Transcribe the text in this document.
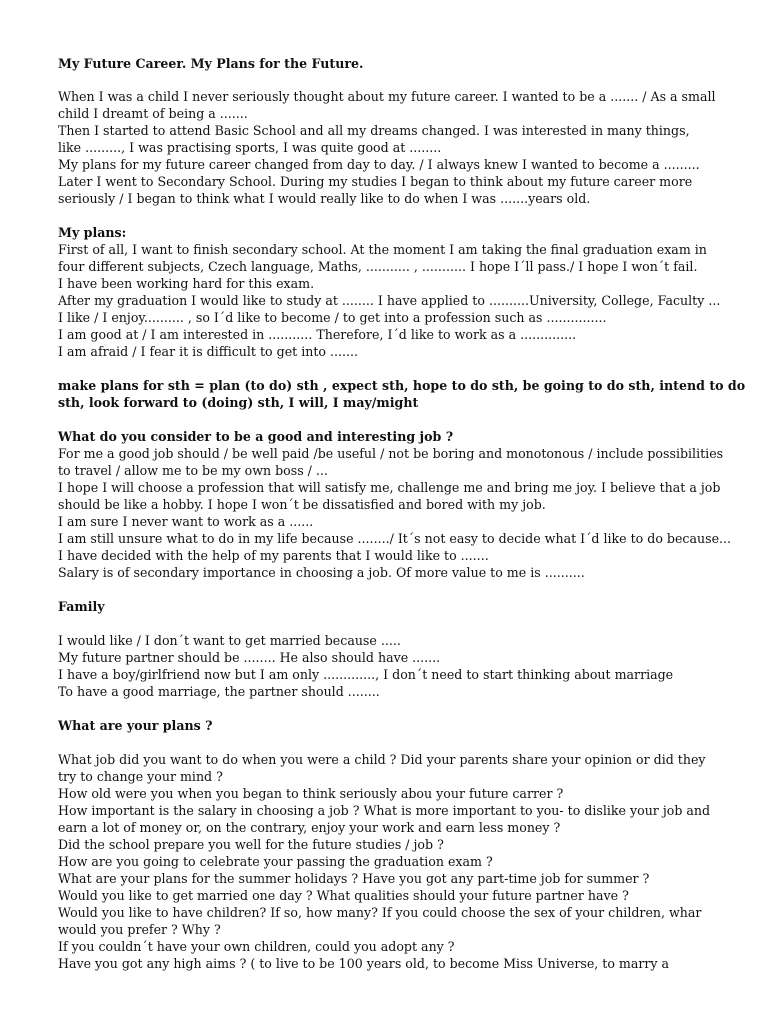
My Future Career. My Plans for the Future.
When I was a child I never seriously thought about my future career. I wanted to be a ....... / As a small
child I dreamt of being a .......
Then I started to attend Basic School and all my dreams changed. I was interested in many things,
like ........., I was practising sports, I was quite good at ........
My plans for my future career changed from day to day. / I always knew I wanted to become a .........
Later I went to Secondary School. During my studies I began to think about my future career more
seriously / I began to think what I would really like to do when I was .......years old.
My plans:
First of all, I want to finish secondary school. At the moment I am taking the final graduation exam in
four different subjects, Czech language, Maths, ........... , ........... I hope I´ll pass./ I hope I won´t fail.
I have been working hard for this exam.
After my graduation I would like to study at ........ I have applied to ..........University, College, Faculty ...
I like / I enjoy.......... , so I´d like to become / to get into a profession such as ...............
I am good at / I am interested in ........... Therefore, I´d like to work as a ..............
I am afraid / I fear it is difficult to get into .......
make plans for sth = plan (to do) sth , expect sth, hope to do sth, be going to do sth, intend to do
sth, look forward to (doing) sth, I will, I may/might
What do you consider to be a good and interesting job ?
For me a good job should / be well paid /be useful / not be boring and monotonous / include possibilities
to travel / allow me to be my own boss / ...
I hope I will choose a profession that will satisfy me, challenge me and bring me joy. I believe that a job
should be like a hobby. I hope I won´t be dissatisfied and bored with my job.
I am sure I never want to work as a ......
I am still unsure what to do in my life because ......../ It´s not easy to decide what I´d like to do because...
I have decided with the help of my parents that I would like to .......
Salary is of secondary importance in choosing a job. Of more value to me is ..........
Family
I would like / I don´t want to get married because .....
My future partner should be ........ He also should have .......
I have a boy/girlfriend now but I am only ............., I don´t need to start thinking about marriage
To have a good marriage, the partner should ........
What are your plans ?
What job did you want to do when you were a child ? Did your parents share your opinion or did they
try to change your mind ?
How old were you when you began to think seriously abou your future carrer ?
How important is the salary in choosing a job ? What is more important to you- to dislike your job and
earn a lot of money or, on the contrary, enjoy your work and earn less money ?
Did the school prepare you well for the future studies / job ?
How are you going to celebrate your passing the graduation exam ?
What are your plans for the summer holidays ? Have you got any part-time job for summer ?
Would you like to get married one day ? What qualities should your future partner have ?
Would you like to have children? If so, how many? If you could choose the sex of your children, whar
would you prefer ? Why ?
If you couldn´t have your own children, could you adopt any ?
Have you got any high aims ? ( to live to be 100 years old, to become Miss Universe, to marry a
